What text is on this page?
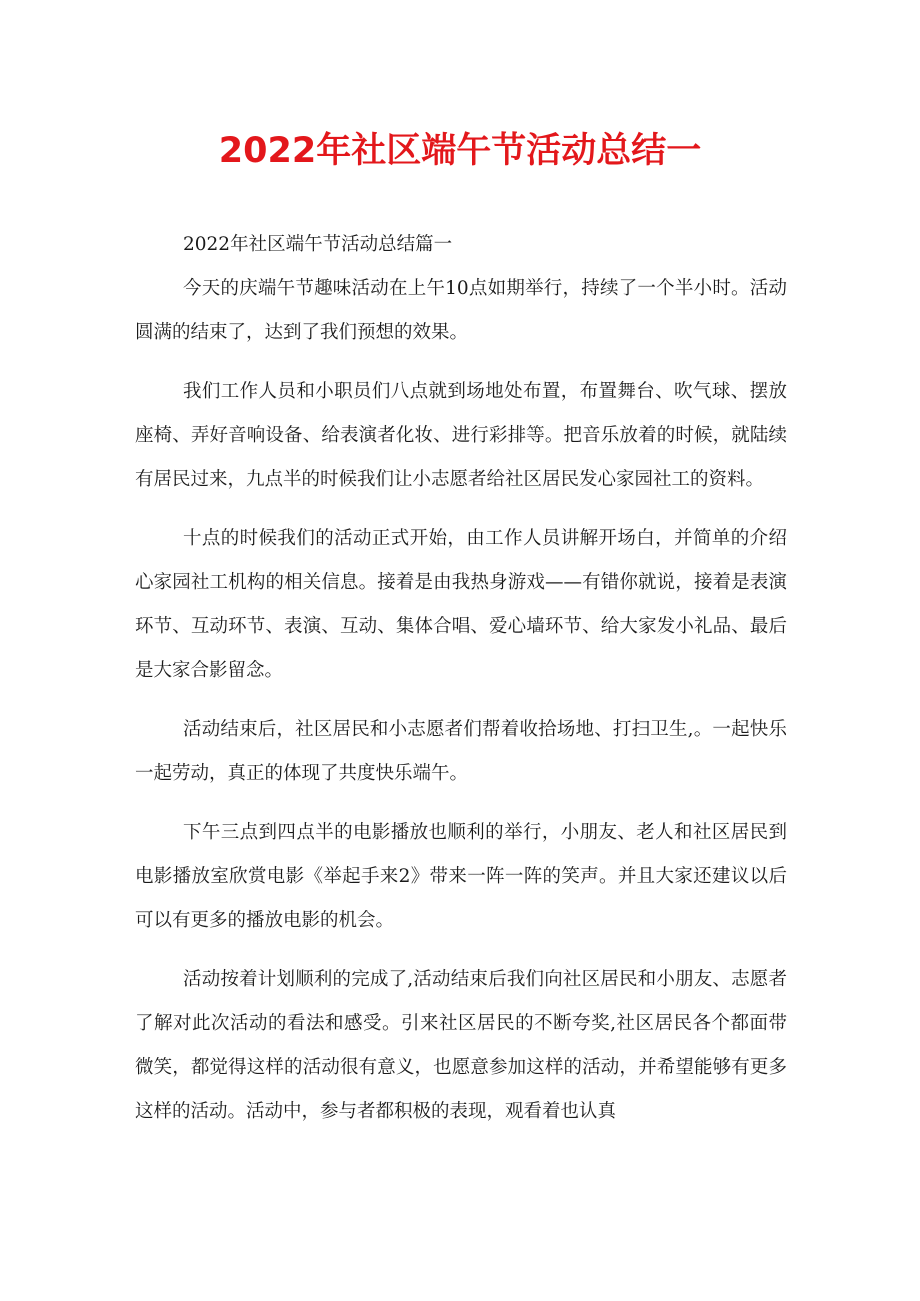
2022年社区端午节活动总结一

2022年社区端午节活动总结篇一

今天的庆端午节趣味活动在上午10点如期举行，持续了一个半小时。活动圆满的结束了，达到了我们预想的效果。

我们工作人员和小职员们八点就到场地处布置，布置舞台、吹气球、摆放座椅、弄好音响设备、给表演者化妆、进行彩排等。把音乐放着的时候，就陆续有居民过来，九点半的时候我们让小志愿者给社区居民发心家园社工的资料。

十点的时候我们的活动正式开始，由工作人员讲解开场白，并简单的介绍心家园社工机构的相关信息。接着是由我热身游戏——有错你就说，接着是表演环节、互动环节、表演、互动、集体合唱、爱心墙环节、给大家发小礼品、最后是大家合影留念。

活动结束后，社区居民和小志愿者们帮着收拾场地、打扫卫生,。一起快乐一起劳动，真正的体现了共度快乐端午。

下午三点到四点半的电影播放也顺利的举行，小朋友、老人和社区居民到电影播放室欣赏电影《举起手来2》带来一阵一阵的笑声。并且大家还建议以后可以有更多的播放电影的机会。

活动按着计划顺利的完成了,活动结束后我们向社区居民和小朋友、志愿者了解对此次活动的看法和感受。引来社区居民的不断夸奖,社区居民各个都面带微笑，都觉得这样的活动很有意义，也愿意参加这样的活动，并希望能够有更多这样的活动。活动中，参与者都积极的表现，观看着也认真
